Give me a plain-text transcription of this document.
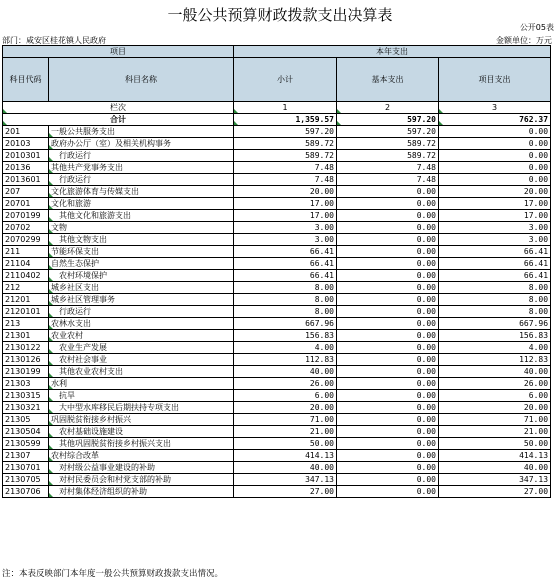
一般公共预算财政拨款支出决算表
公开05表
部门：咸安区桂花镇人民政府	金额单位：万元
项目		本年支出		
科目代码	科目名称	小计	基本支出	项目支出
栏次		1	2	3
合计		1,359.57	597.20	762.37
201	一般公共服务支出	597.20	597.20	0.00
20103	政府办公厅（室）及相关机构事务	589.72	589.72	0.00
2010301	行政运行	589.72	589.72	0.00
20136	其他共产党事务支出	7.48	7.48	0.00
2013601	行政运行	7.48	7.48	0.00
207	文化旅游体育与传媒支出	20.00	0.00	20.00
20701	文化和旅游	17.00	0.00	17.00
2070199	其他文化和旅游支出	17.00	0.00	17.00
20702	文物	3.00	0.00	3.00
2070299	其他文物支出	3.00	0.00	3.00
211	节能环保支出	66.41	0.00	66.41
21104	自然生态保护	66.41	0.00	66.41
2110402	农村环境保护	66.41	0.00	66.41
212	城乡社区支出	8.00	0.00	8.00
21201	城乡社区管理事务	8.00	0.00	8.00
2120101	行政运行	8.00	0.00	8.00
213	农林水支出	667.96	0.00	667.96
21301	农业农村	156.83	0.00	156.83
2130122	农业生产发展	4.00	0.00	4.00
2130126	农村社会事业	112.83	0.00	112.83
2130199	其他农业农村支出	40.00	0.00	40.00
21303	水利	26.00	0.00	26.00
2130315	抗旱	6.00	0.00	6.00
2130321	大中型水库移民后期扶持专项支出	20.00	0.00	20.00
21305	巩固脱贫衔接乡村振兴	71.00	0.00	71.00
2130504	农村基础设施建设	21.00	0.00	21.00
2130599	其他巩固脱贫衔接乡村振兴支出	50.00	0.00	50.00
21307	农村综合改革	414.13	0.00	414.13
2130701	对村级公益事业建设的补助	40.00	0.00	40.00
2130705	对村民委员会和村党支部的补助	347.13	0.00	347.13
2130706	对村集体经济组织的补助	27.00	0.00	27.00
注：本表反映部门本年度一般公共预算财政拨款支出情况。
